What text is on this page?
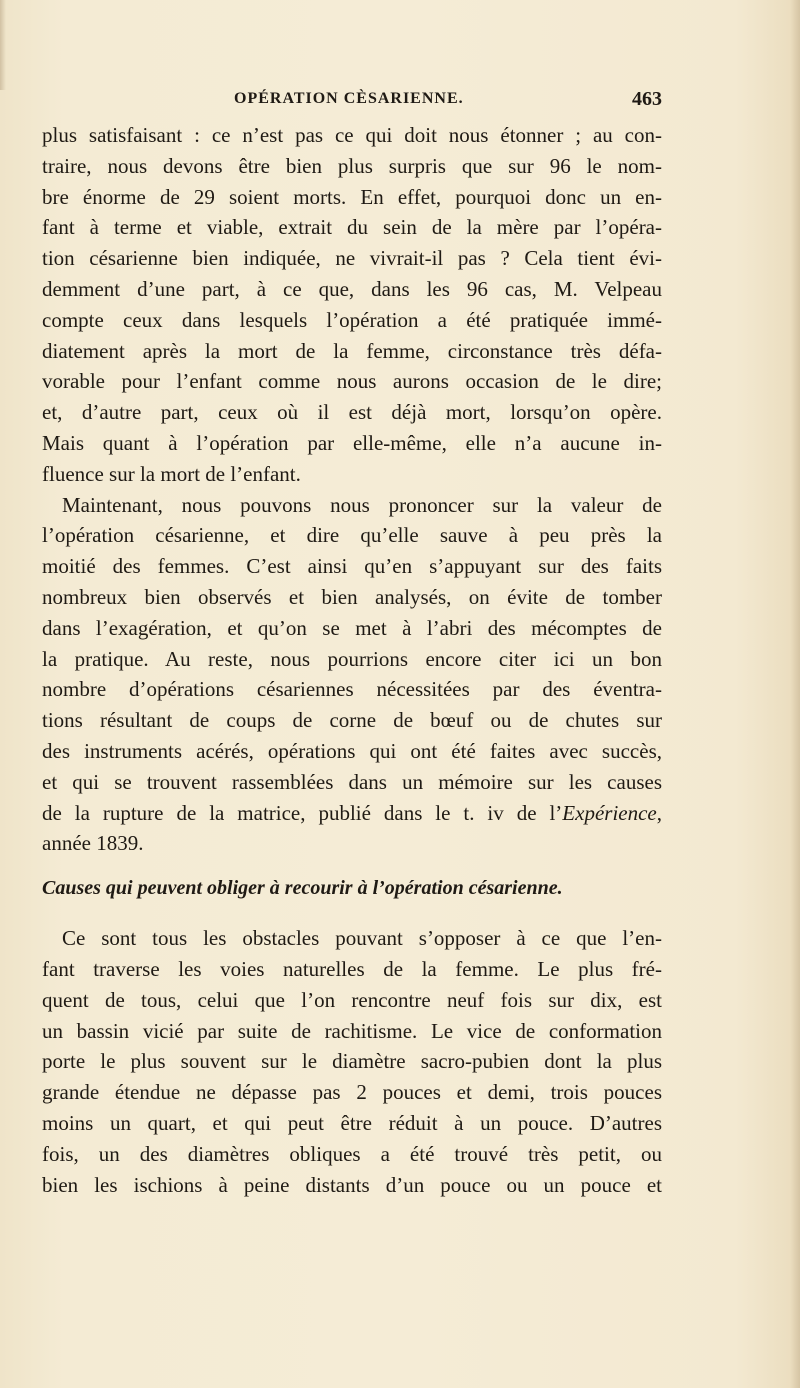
OPÉRATION CÈSARIENNE.	463
plus satisfaisant : ce n’est pas ce qui doit nous étonner ; au con-
traire, nous devons être bien plus surpris que sur 96 le nom-
bre énorme de 29 soient morts. En effet, pourquoi donc un en-
fant à terme et viable, extrait du sein de la mère par l’opéra-
tion césarienne bien indiquée, ne vivrait-il pas ? Cela tient évi-
demment d’une part, à ce que, dans les 96 cas, M. Velpeau
compte ceux dans lesquels l’opération a été pratiquée immé-
diatement après la mort de la femme, circonstance très défa-
vorable pour l’enfant comme nous aurons occasion de le dire;
et, d’autre part, ceux où il est déjà mort, lorsqu’on opère.
Mais quant à l’opération par elle-même, elle n’a aucune in-
fluence sur la mort de l’enfant.
Maintenant, nous pouvons nous prononcer sur la valeur de
l’opération césarienne, et dire qu’elle sauve à peu près la
moitié des femmes. C’est ainsi qu’en s’appuyant sur des faits
nombreux bien observés et bien analysés, on évite de tomber
dans l’exagération, et qu’on se met à l’abri des mécomptes de
la pratique. Au reste, nous pourrions encore citer ici un bon
nombre d’opérations césariennes nécessitées par des éventra-
tions résultant de coups de corne de bœuf ou de chutes sur
des instruments acérés, opérations qui ont été faites avec succès,
et qui se trouvent rassemblées dans un mémoire sur les causes
de la rupture de la matrice, publié dans le t. iv de l’Expérience,
année 1839.
Causes qui peuvent obliger à recourir à l’opération césarienne.
Ce sont tous les obstacles pouvant s’opposer à ce que l’en-
fant traverse les voies naturelles de la femme. Le plus fré-
quent de tous, celui que l’on rencontre neuf fois sur dix, est
un bassin vicié par suite de rachitisme. Le vice de conformation
porte le plus souvent sur le diamètre sacro-pubien dont la plus
grande étendue ne dépasse pas 2 pouces et demi, trois pouces
moins un quart, et qui peut être réduit à un pouce. D’autres
fois, un des diamètres obliques a été trouvé très petit, ou
bien les ischions à peine distants d’un pouce ou un pouce et
